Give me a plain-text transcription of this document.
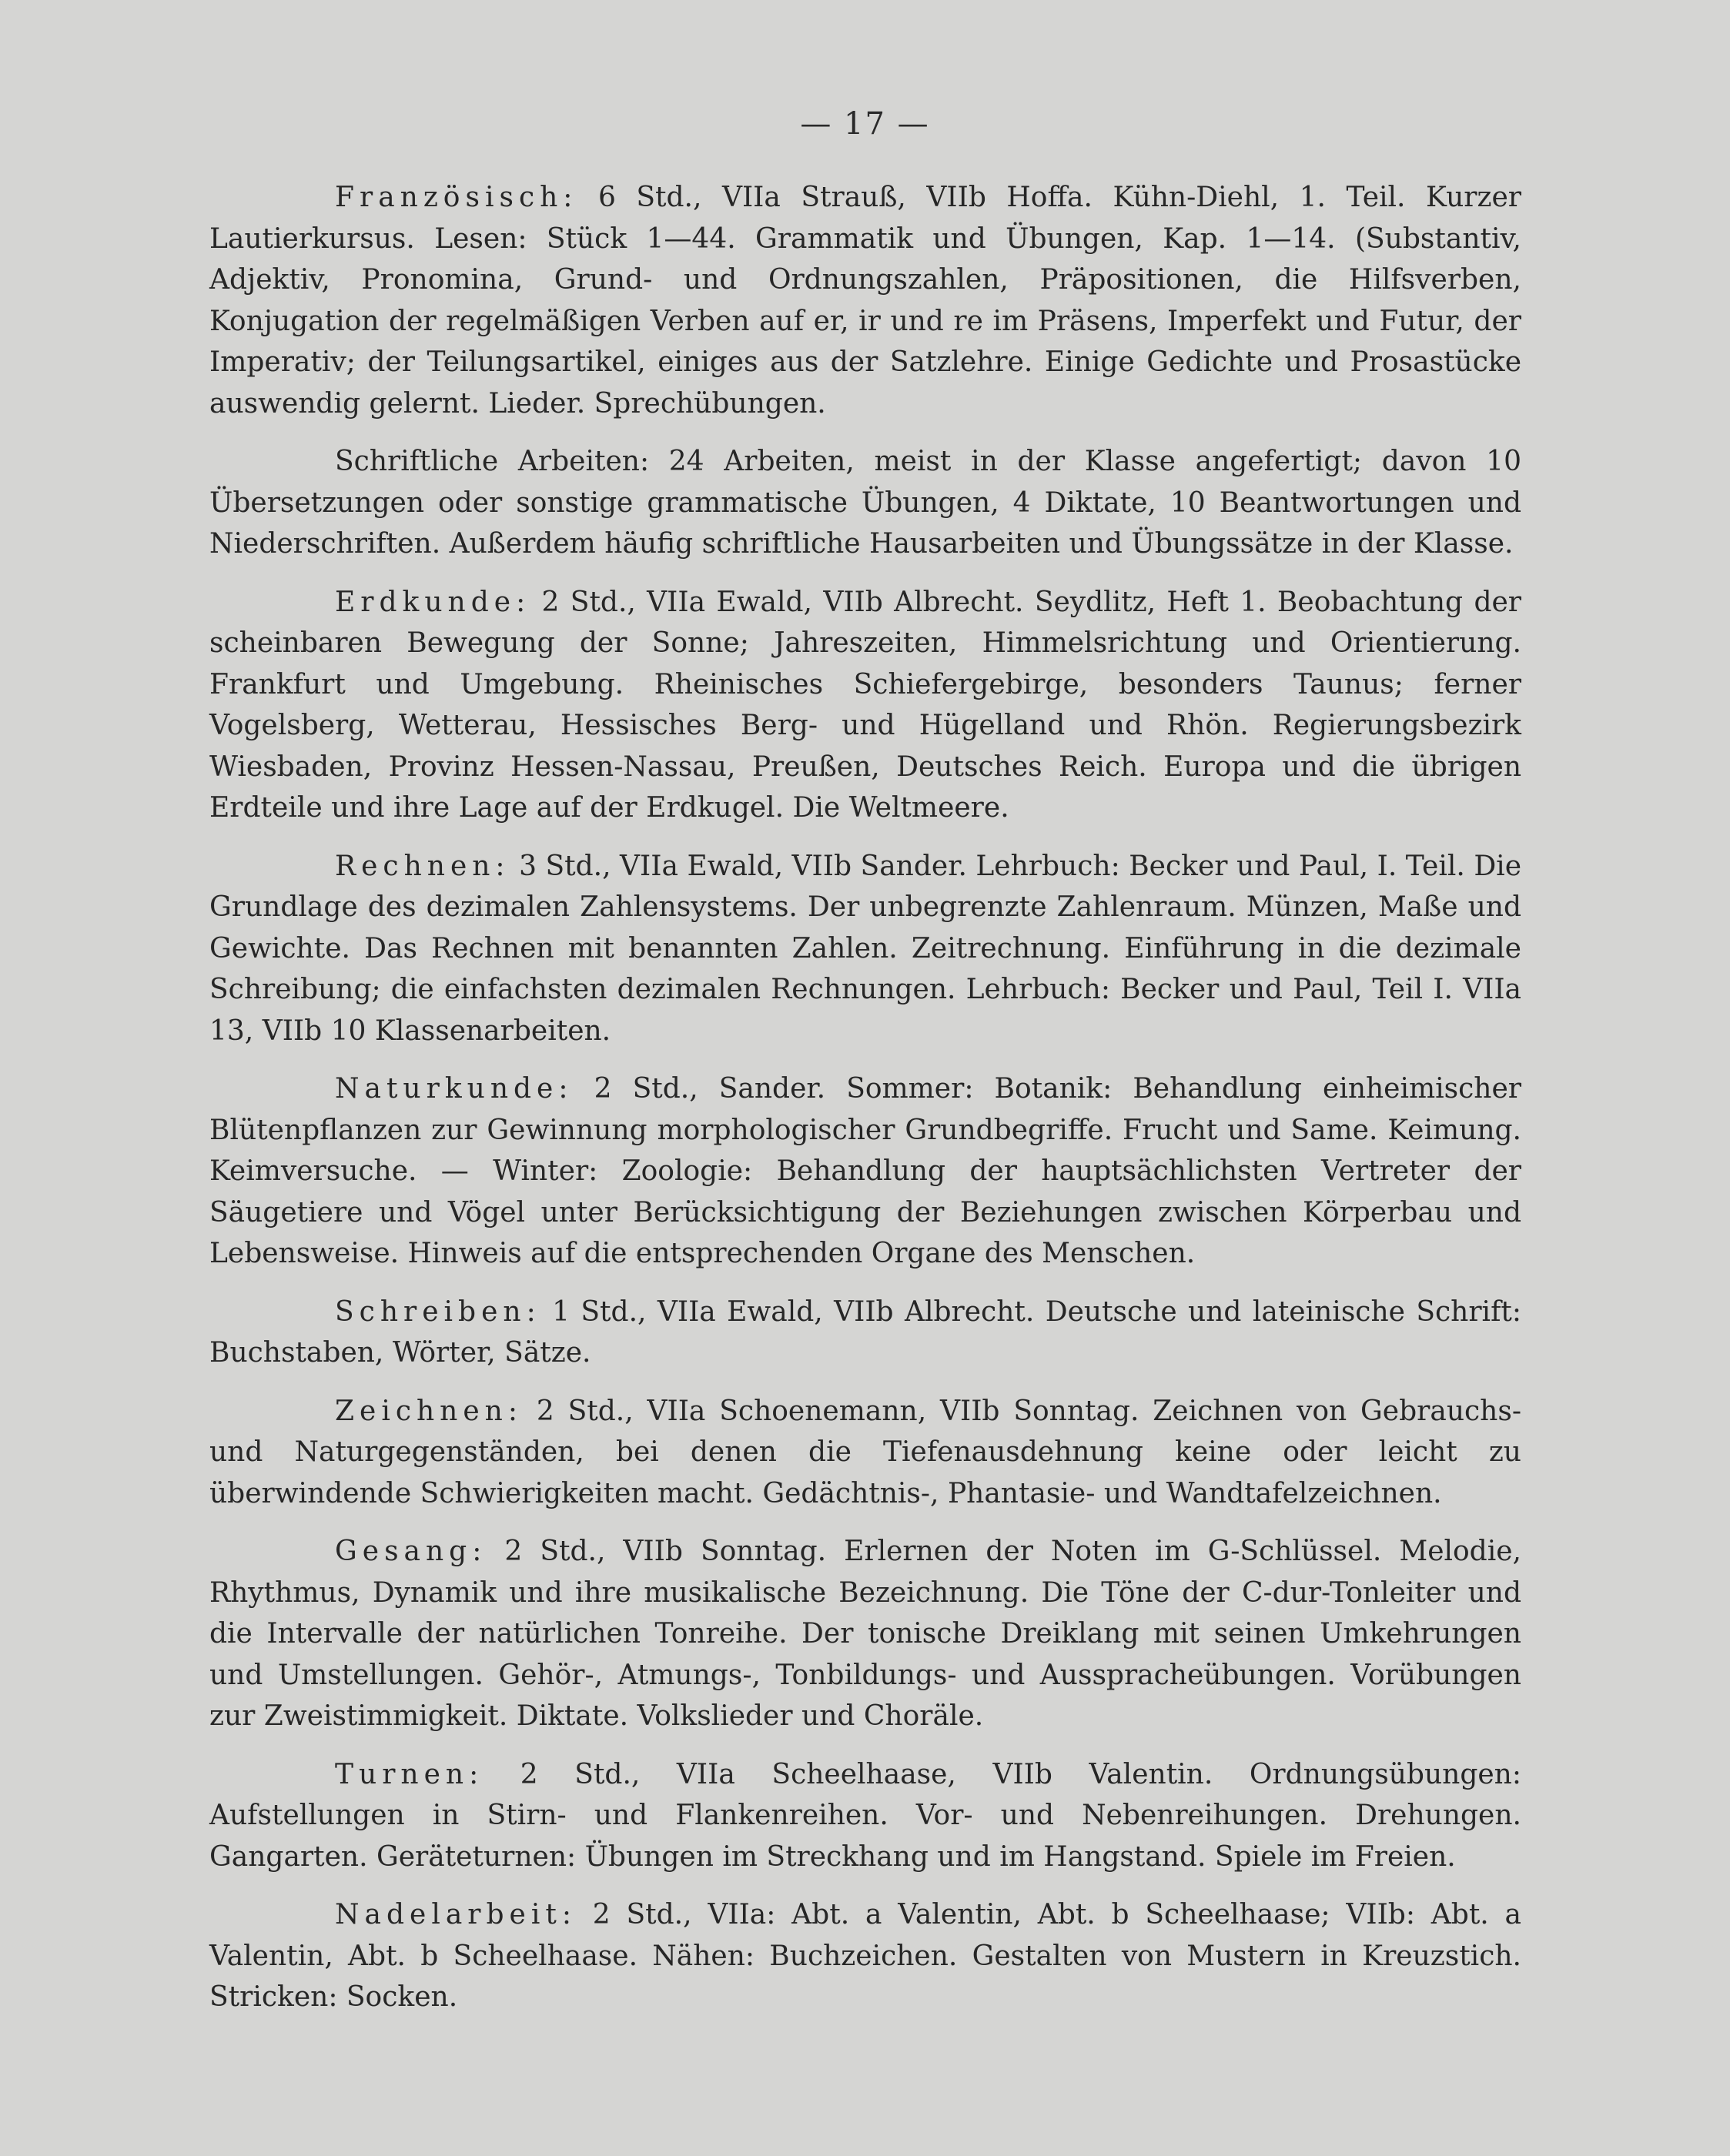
— 17 —

Französisch: 6 Std., VIIa Strauß, VIIb Hoffa. Kühn-Diehl, 1. Teil. Kurzer Lautierkursus. Lesen: Stück 1—44. Grammatik und Übungen, Kap. 1—14. (Substantiv, Adjektiv, Pronomina, Grund- und Ordnungszahlen, Präpositionen, die Hilfsverben, Konjugation der regelmäßigen Verben auf er, ir und re im Präsens, Imperfekt und Futur, der Imperativ; der Teilungsartikel, einiges aus der Satzlehre. Einige Gedichte und Prosastücke auswendig gelernt. Lieder. Sprechübungen.

Schriftliche Arbeiten: 24 Arbeiten, meist in der Klasse angefertigt; davon 10 Übersetzungen oder sonstige grammatische Übungen, 4 Diktate, 10 Beantwortungen und Niederschriften. Außerdem häufig schriftliche Hausarbeiten und Übungssätze in der Klasse.

Erdkunde: 2 Std., VIIa Ewald, VIIb Albrecht. Seydlitz, Heft 1. Beobachtung der scheinbaren Bewegung der Sonne; Jahreszeiten, Himmelsrichtung und Orientierung. Frankfurt und Umgebung. Rheinisches Schiefergebirge, besonders Taunus; ferner Vogelsberg, Wetterau, Hessisches Berg- und Hügelland und Rhön. Regierungsbezirk Wiesbaden, Provinz Hessen-Nassau, Preußen, Deutsches Reich. Europa und die übrigen Erdteile und ihre Lage auf der Erdkugel. Die Weltmeere.

Rechnen: 3 Std., VIIa Ewald, VIIb Sander. Lehrbuch: Becker und Paul, I. Teil. Die Grundlage des dezimalen Zahlensystems. Der unbegrenzte Zahlenraum. Münzen, Maße und Gewichte. Das Rechnen mit benannten Zahlen. Zeitrechnung. Einführung in die dezimale Schreibung; die einfachsten dezimalen Rechnungen. Lehrbuch: Becker und Paul, Teil I. VIIa 13, VIIb 10 Klassenarbeiten.

Naturkunde: 2 Std., Sander. Sommer: Botanik: Behandlung einheimischer Blütenpflanzen zur Gewinnung morphologischer Grundbegriffe. Frucht und Same. Keimung. Keimversuche. — Winter: Zoologie: Behandlung der hauptsächlichsten Vertreter der Säugetiere und Vögel unter Berücksichtigung der Beziehungen zwischen Körperbau und Lebensweise. Hinweis auf die entsprechenden Organe des Menschen.

Schreiben: 1 Std., VIIa Ewald, VIIb Albrecht. Deutsche und lateinische Schrift: Buchstaben, Wörter, Sätze.

Zeichnen: 2 Std., VIIa Schoenemann, VIIb Sonntag. Zeichnen von Gebrauchs- und Naturgegenständen, bei denen die Tiefenausdehnung keine oder leicht zu überwindende Schwierigkeiten macht. Gedächtnis-, Phantasie- und Wandtafelzeichnen.

Gesang: 2 Std., VIIb Sonntag. Erlernen der Noten im G-Schlüssel. Melodie, Rhythmus, Dynamik und ihre musikalische Bezeichnung. Die Töne der C-dur-Tonleiter und die Intervalle der natürlichen Tonreihe. Der tonische Dreiklang mit seinen Umkehrungen und Umstellungen. Gehör-, Atmungs-, Tonbildungs- und Ausspracheübungen. Vorübungen zur Zweistimmigkeit. Diktate. Volkslieder und Choräle.

Turnen: 2 Std., VIIa Scheelhaase, VIIb Valentin. Ordnungsübungen: Aufstellungen in Stirn- und Flankenreihen. Vor- und Nebenreihungen. Drehungen. Gangarten. Geräteturnen: Übungen im Streckhang und im Hangstand. Spiele im Freien.

Nadelarbeit: 2 Std., VIIa: Abt. a Valentin, Abt. b Scheelhaase; VIIb: Abt. a Valentin, Abt. b Scheelhaase. Nähen: Buchzeichen. Gestalten von Mustern in Kreuzstich. Stricken: Socken.
